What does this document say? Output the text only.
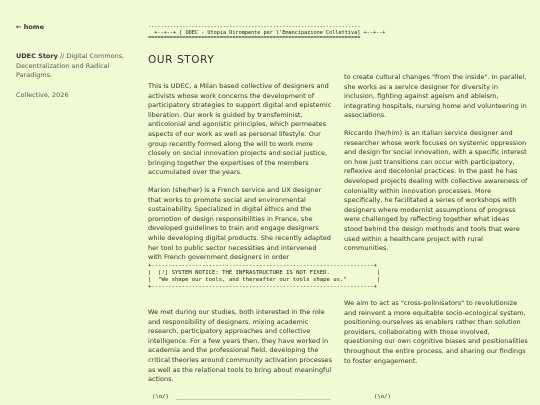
← home

UDEC Story // Digital Commons, Decentralization and Radical Paradigms.

Collective, 2026
--------------------------------------------------------------------
+--+--+ [ UDEC - Utopia Dirompente per l'Emancipazione Collettiva] +--+--+
====================================================================
OUR STORY

This is UDEC, a Milan based collective of designers and activists whose work concerns the development of participatory strategies to support digital and epistemic liberation. Our work is guided by transfeminist, anticolonial and agonistic principles, which permeates aspects of our work as well as personal lifestyle. Our group recently formed along the will to work more closely on social innovation projects and social justice, bringing together the expertises of the members accumulated over the years.

Marion (she/her) is a French service and UX designer that works to promote social and environmental sustainability. Specialized in digital ethics and the promotion of design responsibilities in France, she developed guidelines to train and engage designers while developing digital products. She recently adapted her tool to public sector necessities and intervened with French government designers in order

to create cultural changes "from the inside". In parallel, she works as a service designer for diversity in inclusion, fighting against ageism and ableism, integrating hospitals, nursing home and volunteering in associations.

Riccardo (he/him) is an Italian service designer and researcher whose work focuses on systemic oppression and design for social innovation, with a specific interest on how just transitions can occur with participatory, reflexive and decolonial practices. In the past he has developed projects dealing with collective awareness of coloniality within innovation processes. More specifically, he facilitated a series of workshops with designers where modernist assumptions of progress were challenged by reflecting together what ideas stood behind the design methods and tools that were used within a healthcare project with rural communities.

+------------------------------------------------------------------+
|  [!] SYSTEM NOTICE: THE INFRASTRUCTURE IS NOT FIXED.              |
|  "We shape our tools, and thereafter our tools shape us."         |
+------------------------------------------------------------------+

We met during our studies, both interested in the role and responsibility of designers, mixing academic research, participatory approaches and collective intelligence. For a few years then, they have worked in academia and the professional field, developing the critical theories around community activation processes as well as the relational tools to bring about meaningful actions.

We aim to act as "cross-polinisators" to revolutionize and reinvent a more equitable socio-ecological system, positioning ourselves as enablers rather than solution providers, collaborating with those involved, questioning our own cognitive biases and positionalities throughout the entire process, and sharing our findings to foster engagement.

(\o/)  ______________________________________________	(\o/)
